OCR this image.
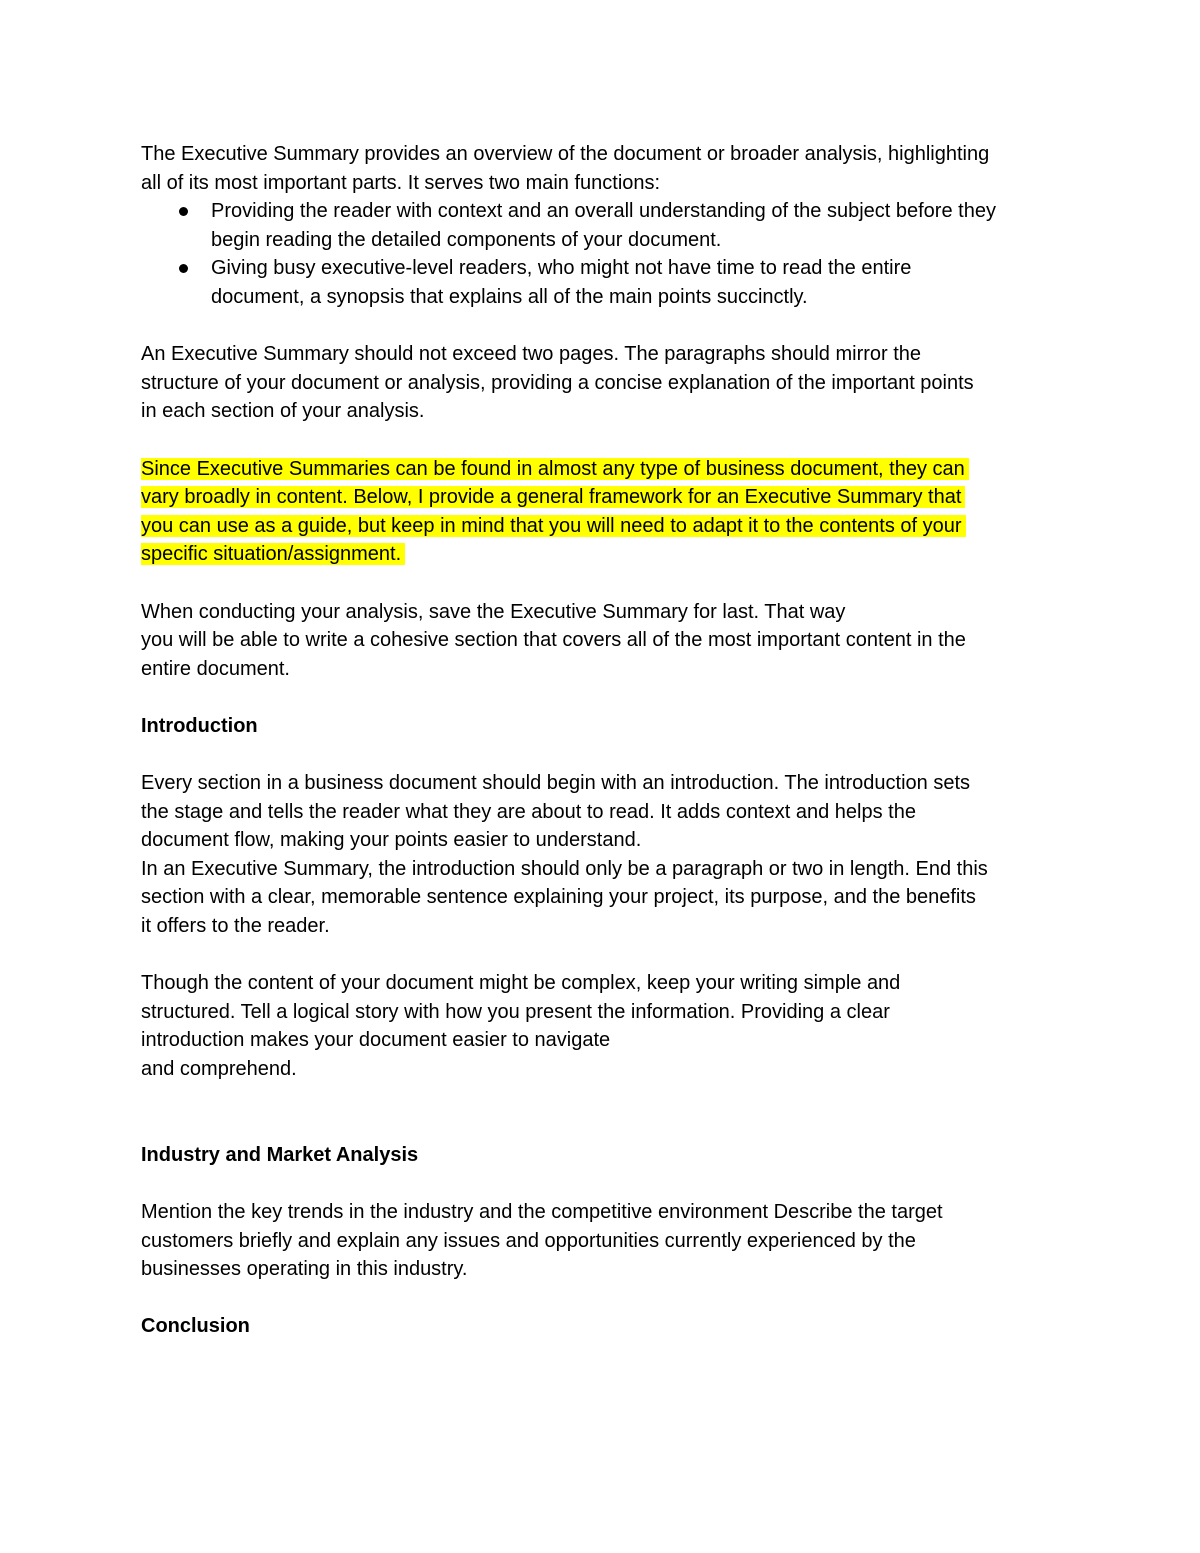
The Executive Summary provides an overview of the document or broader analysis, highlighting
all of its most important parts. It serves two main functions:
Providing the reader with context and an overall understanding of the subject before they
begin reading the detailed components of your document.
Giving busy executive-level readers, who might not have time to read the entire
document, a synopsis that explains all of the main points succinctly.
An Executive Summary should not exceed two pages. The paragraphs should mirror the
structure of your document or analysis, providing a concise explanation of the important points
in each section of your analysis.
Since Executive Summaries can be found in almost any type of business document, they can
vary broadly in content. Below, I provide a general framework for an Executive Summary that
you can use as a guide, but keep in mind that you will need to adapt it to the contents of your
specific situation/assignment.
When conducting your analysis, save the Executive Summary for last. That way
you will be able to write a cohesive section that covers all of the most important content in the
entire document.
Introduction
Every section in a business document should begin with an introduction. The introduction sets
the stage and tells the reader what they are about to read. It adds context and helps the
document flow, making your points easier to understand.
In an Executive Summary, the introduction should only be a paragraph or two in length. End this
section with a clear, memorable sentence explaining your project, its purpose, and the benefits
it offers to the reader.
Though the content of your document might be complex, keep your writing simple and
structured. Tell a logical story with how you present the information. Providing a clear
introduction makes your document easier to navigate
and comprehend.
Industry and Market Analysis
Mention the key trends in the industry and the competitive environment Describe the target
customers briefly and explain any issues and opportunities currently experienced by the
businesses operating in this industry.
Conclusion
